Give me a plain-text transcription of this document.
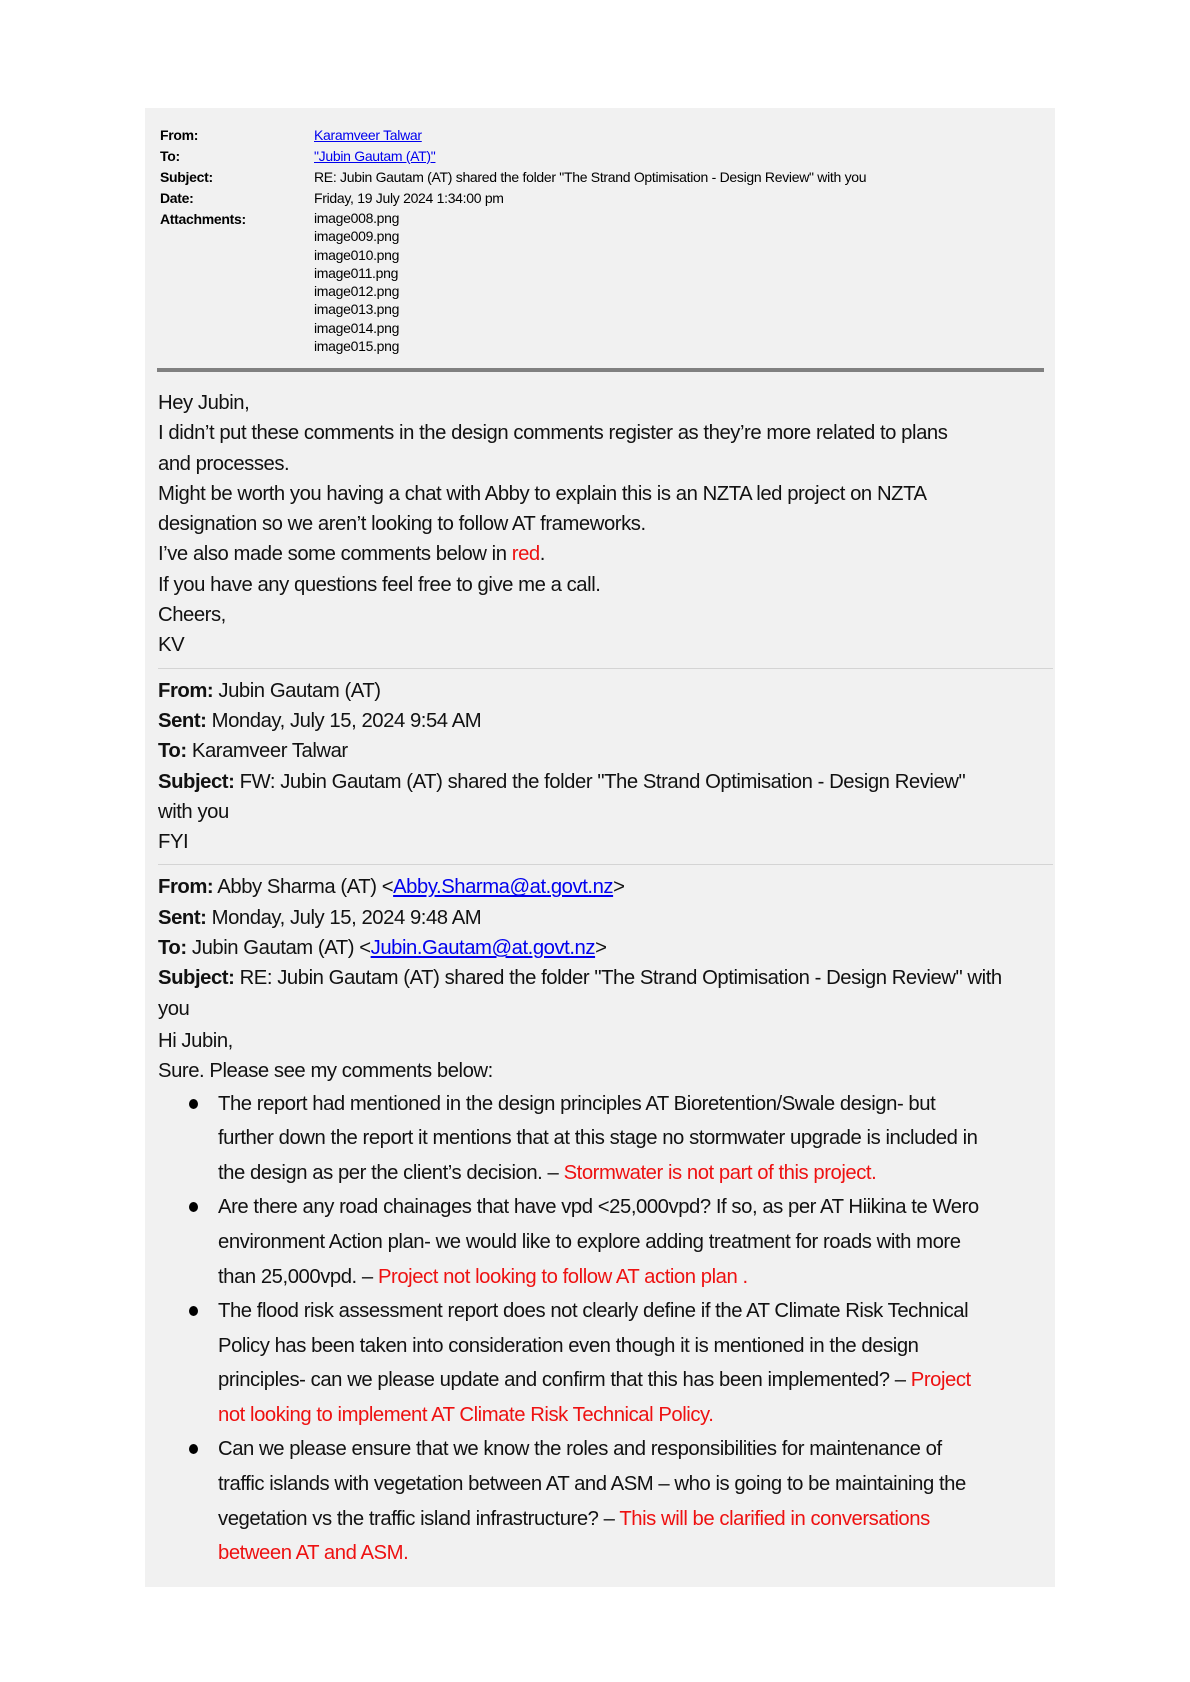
From:	Karamveer Talwar
To:	"Jubin Gautam (AT)"
Subject:	RE: Jubin Gautam (AT) shared the folder "The Strand Optimisation - Design Review" with you
Date:	Friday, 19 July 2024 1:34:00 pm
Attachments:	image008.png
image009.png
image010.png
image011.png
image012.png
image013.png
image014.png
image015.png
Hey Jubin,
I didn’t put these comments in the design comments register as they’re more related to plans
and processes.
Might be worth you having a chat with Abby to explain this is an NZTA led project on NZTA
designation so we aren’t looking to follow AT frameworks.
I’ve also made some comments below in red.
If you have any questions feel free to give me a call.
Cheers,
KV
From: Jubin Gautam (AT)
Sent: Monday, July 15, 2024 9:54 AM
To: Karamveer Talwar
Subject: FW: Jubin Gautam (AT) shared the folder "The Strand Optimisation - Design Review"
with you
FYI
From: Abby Sharma (AT) <Abby.Sharma@at.govt.nz>
Sent: Monday, July 15, 2024 9:48 AM
To: Jubin Gautam (AT) <Jubin.Gautam@at.govt.nz>
Subject: RE: Jubin Gautam (AT) shared the folder "The Strand Optimisation - Design Review" with
you
Hi Jubin,
Sure. Please see my comments below:
The report had mentioned in the design principles AT Bioretention/Swale design- but
further down the report it mentions that at this stage no stormwater upgrade is included in
the design as per the client’s decision. – Stormwater is not part of this project.
Are there any road chainages that have vpd <25,000vpd? If so, as per AT Hiikina te Wero
environment Action plan- we would like to explore adding treatment for roads with more
than 25,000vpd. – Project not looking to follow AT action plan .
The flood risk assessment report does not clearly define if the AT Climate Risk Technical
Policy has been taken into consideration even though it is mentioned in the design
principles- can we please update and confirm that this has been implemented? – Project
not looking to implement AT Climate Risk Technical Policy.
Can we please ensure that we know the roles and responsibilities for maintenance of
traffic islands with vegetation between AT and ASM – who is going to be maintaining the
vegetation vs the traffic island infrastructure? – This will be clarified in conversations
between AT and ASM.
